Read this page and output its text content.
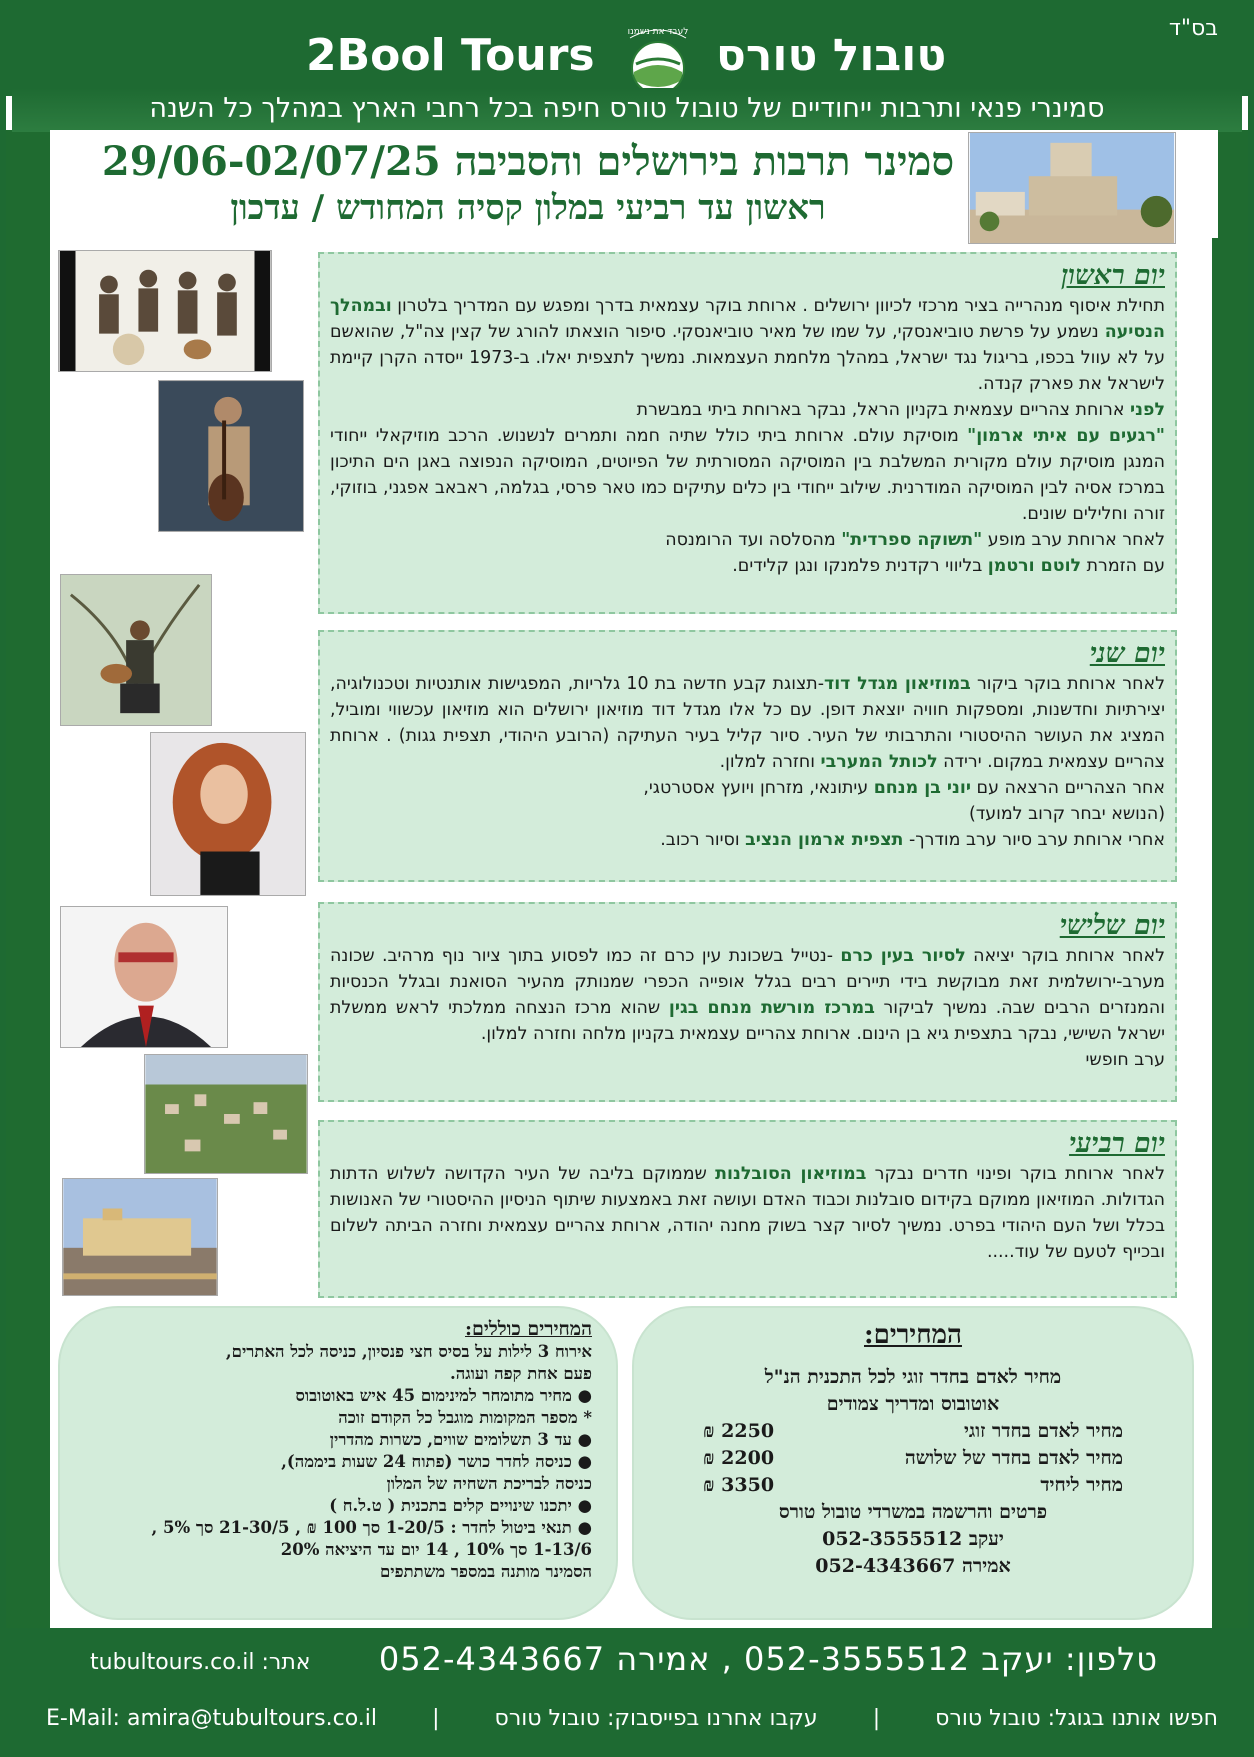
בס"ד
2Bool Tours	לעבד את נשמנו טובול טורס
סמינרי פנאי ותרבות ייחודיים של טובול טורס חיפה בכל רחבי הארץ במהלך כל השנה
סמינר תרבות בירושלים והסביבה 29/06-02/07/25
ראשון עד רביעי במלון קסיה המחודש / עדכון
יום ראשון

תחילת איסוף מנהרייה בציר מרכזי לכיוון ירושלים . ארוחת בוקר עצמאית בדרך ומפגש עם המדריך בלטרון ובמהלך הנסיעה נשמע על פרשת טוביאנסקי, על שמו של מאיר טוביאנסקי. סיפור הוצאתו להורג של קצין צה"ל, שהואשם על לא עוול בכפו, בריגול נגד ישראל, במהלך מלחמת העצמאות. נמשיך לתצפית יאלו. ב-1973 ייסדה הקרן קיימת לישראל את פארק קנדה.
לפני ארוחת צהריים עצמאית בקניון הראל, נבקר בארוחת ביתי במבשרת
"רגעים עם איתי ארמון" מוסיקת עולם. ארוחת ביתי כולל שתיה חמה ותמרים לנשנוש. הרכב מוזיקאלי ייחודי המנגן מוסיקת עולם מקורית המשלבת בין המוסיקה המסורתית של הפיוטים, המוסיקה הנפוצה באגן הים התיכון במרכז אסיה לבין המוסיקה המודרנית. שילוב ייחודי בין כלים עתיקים כמו טאר פרסי, בגלמה, ראבאב אפגני, בוזוקי, זורה וחלילים שונים.
לאחר ארוחת ערב מופע "תשוקה ספרדית" מהסלסה ועד הרומנסה
עם הזמרת לוטם ורטמן בליווי רקדנית פלמנקו ונגן קלידים.

יום שני

לאחר ארוחת בוקר ביקור במוזיאון מגדל דוד-תצוגת קבע חדשה בת 10 גלריות, המפגישות אותנטיות וטכנולוגיה, יצירתיות וחדשנות, ומספקות חוויה יוצאת דופן. עם כל אלו מגדל דוד מוזיאון ירושלים הוא מוזיאון עכשווי ומוביל, המציג את העושר ההיסטורי והתרבותי של העיר. סיור קליל בעיר העתיקה (הרובע היהודי, תצפית גגות) . ארוחת צהריים עצמאית במקום. ירידה לכותל המערבי וחזרה למלון.
אחר הצהריים הרצאה עם יוני בן מנחם עיתונאי, מזרחן ויועץ אסטרטגי,
(הנושא יבחר קרוב למועד)
אחרי ארוחת ערב סיור ערב מודרך- תצפית ארמון הנציב וסיור רכוב.

יום שלישי

לאחר ארוחת בוקר יציאה לסיור בעין כרם -נטייל בשכונת עין כרם זה כמו לפסוע בתוך ציור נוף מרהיב. שכונה מערב-ירושלמית זאת מבוקשת בידי תיירים רבים בגלל אופייה הכפרי שמנותק מהעיר הסואנת ובגלל הכנסיות והמנזרים הרבים שבה. נמשיך לביקור במרכז מורשת מנחם בגין שהוא מרכז הנצחה ממלכתי לראש ממשלת ישראל השישי, נבקר בתצפית גיא בן הינום. ארוחת צהריים עצמאית בקניון מלחה וחזרה למלון.
ערב חופשי

יום רביעי

לאחר ארוחת בוקר ופינוי חדרים נבקר במוזיאון הסובלנות שממוקם בליבה של העיר הקדושה לשלוש הדתות הגדולות. המוזיאון ממוקם בקידום סובלנות וכבוד האדם ועושה זאת באמצעות שיתוף הניסיון ההיסטורי של האנושות בכלל ושל העם היהודי בפרט. נמשיך לסיור קצר בשוק מחנה יהודה, ארוחת צהריים עצמאית וחזרה הביתה לשלום ובכייף לטעם של עוד.....

המחירים:
מחיר לאדם בחדר זוגי לכל התכנית הנ"ל
אוטובוס ומדריך צמודים
מחיר לאדם בחדר זוגי
2250 ₪
מחיר לאדם בחדר של שלושה
2200 ₪
מחיר ליחיד
3350 ₪
פרטים והרשמה במשרדי טובול טורס
יעקב 052-3555512
אמירה 052-4343667
המחירים כוללים:
אירוח 3 לילות על בסיס חצי פנסיון, כניסה לכל האתרים,
פעם אחת קפה ועוגה.
● מחיר מתומחר למינימום 45 איש באוטובוס
* מספר המקומות מוגבל כל הקודם זוכה
● עד 3 תשלומים שווים, כשרות מהדרין
● כניסה לחדר כושר (פתוח 24 שעות ביממה),
כניסה לבריכת השחיה של המלון
● יתכנו שינויים קלים בתכנית ( ט.ל.ח )
● תנאי ביטול לחדר : 1-20/5 סך 100 ₪ , 21-30/5 סך 5% ,
1-13/6 סך 10% , 14 יום עד היציאה 20%
הסמינר מותנה במספר משתתפים
טלפון: יעקב 052-3555512 , אמירה 052-4343667
אתר: tubultours.co.il
חפשו אותנו בגוגל: טובול טורס
|
עקבו אחרנו בפייסבוק: טובול טורס
|
E-Mail: amira@tubultours.co.il
